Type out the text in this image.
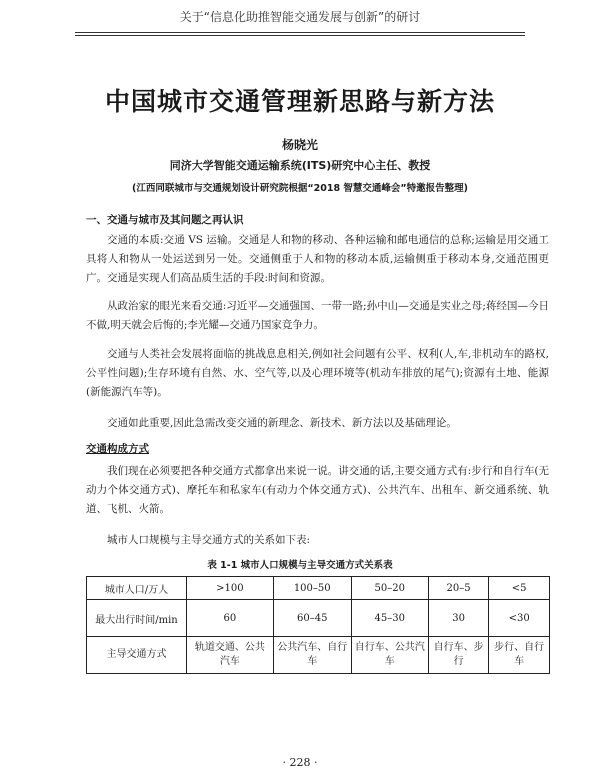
关于“信息化助推智能交通发展与创新”的研讨
中国城市交通管理新思路与新方法
杨晓光
同济大学智能交通运输系统(ITS)研究中心主任、教授
(江西同联城市与交通规划设计研究院根据“2018 智慧交通峰会”特邀报告整理)
一、交通与城市及其问题之再认识

交通的本质:交通 VS 运输。交通是人和物的移动、各种运输和邮电通信的总称;运输是用交通工具将人和物从一处运送到另一处。交通侧重于人和物的移动本质,运输侧重于移动本身,交通范围更广。交通是实现人们高品质生活的手段:时间和资源。

从政治家的眼光来看交通:习近平—交通强国、一带一路;孙中山—交通是实业之母;蒋经国—今日不做,明天就会后悔的;李光耀—交通乃国家竞争力。

交通与人类社会发展将面临的挑战息息相关,例如社会问题有公平、权利(人,车,非机动车的路权,公平性问题);生存环境有自然、水、空气等,以及心理环境等(机动车排放的尾气);资源有土地、能源(新能源汽车等)。

交通如此重要,因此急需改变交通的新理念、新技术、新方法以及基础理论。

交通构成方式

我们现在必须要把各种交通方式都拿出来说一说。讲交通的话,主要交通方式有:步行和自行车(无动力个体交通方式)、摩托车和私家车(有动力个体交通方式)、公共汽车、出租车、新交通系统、轨道、飞机、火箭。

城市人口规模与主导交通方式的关系如下表:

表 1-1 城市人口规模与主导交通方式关系表
城市人口/万人	>100	100–50	50–20	20–5	<5
最大出行时间/min	60	60–45	45–30	30	<30
主导交通方式	轨道交通、公共汽车	公共汽车、自行车	自行车、公共汽车	自行车、步行	步行、自行车
· 228 ·
